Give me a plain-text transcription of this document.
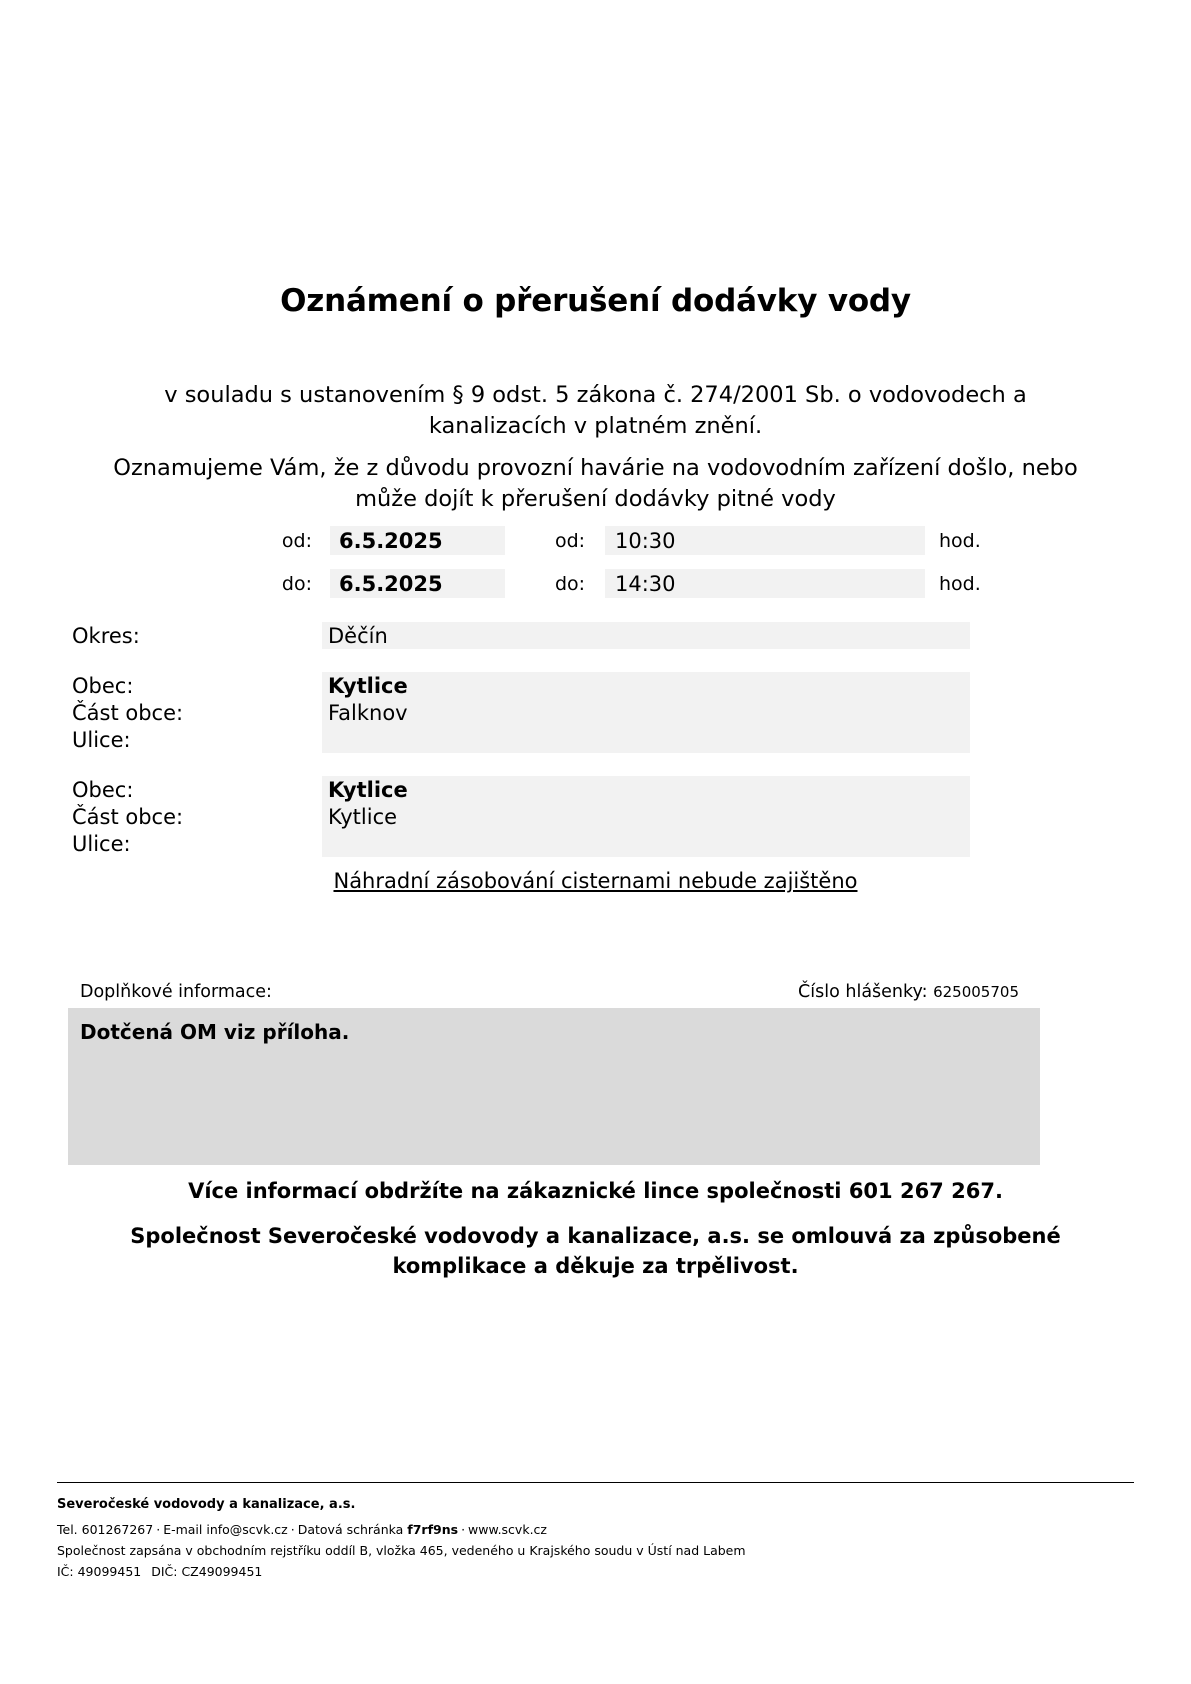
Oznámení o přerušení dodávky vody

v souladu s ustanovením § 9 odst. 5 zákona č. 274/2001 Sb. o vodovodech a kanalizacích v platném znění.

Oznamujeme Vám, že z důvodu provozní havárie na vodovodním zařízení došlo, nebo může dojít k přerušení dodávky pitné vody

od:	6.5.2025	od:	10:30	hod.
do:	6.5.2025	do:	14:30	hod.
Okres:	Děčín
Obec:	Kytlice
Část obce:	Falknov
Ulice:
Obec:	Kytlice
Část obce:	Kytlice
Ulice:
Náhradní zásobování cisternami nebude zajištěno
Doplňkové informace:	Číslo hlášenky: 625005705
Dotčená OM viz příloha.
Více informací obdržíte na zákaznické lince společnosti 601 267 267.
Společnost Severočeské vodovody a kanalizace, a.s. se omlouvá za způsobené komplikace a děkuje za trpělivost.
Severočeské vodovody a kanalizace, a.s.
Tel. 601267267 · E-mail info@scvk.cz · Datová schránka f7rf9ns · www.scvk.cz
Společnost zapsána v obchodním rejstříku oddíl B, vložka 465, vedeného u Krajského soudu v Ústí nad Labem
IČ: 49099451 DIČ: CZ49099451
